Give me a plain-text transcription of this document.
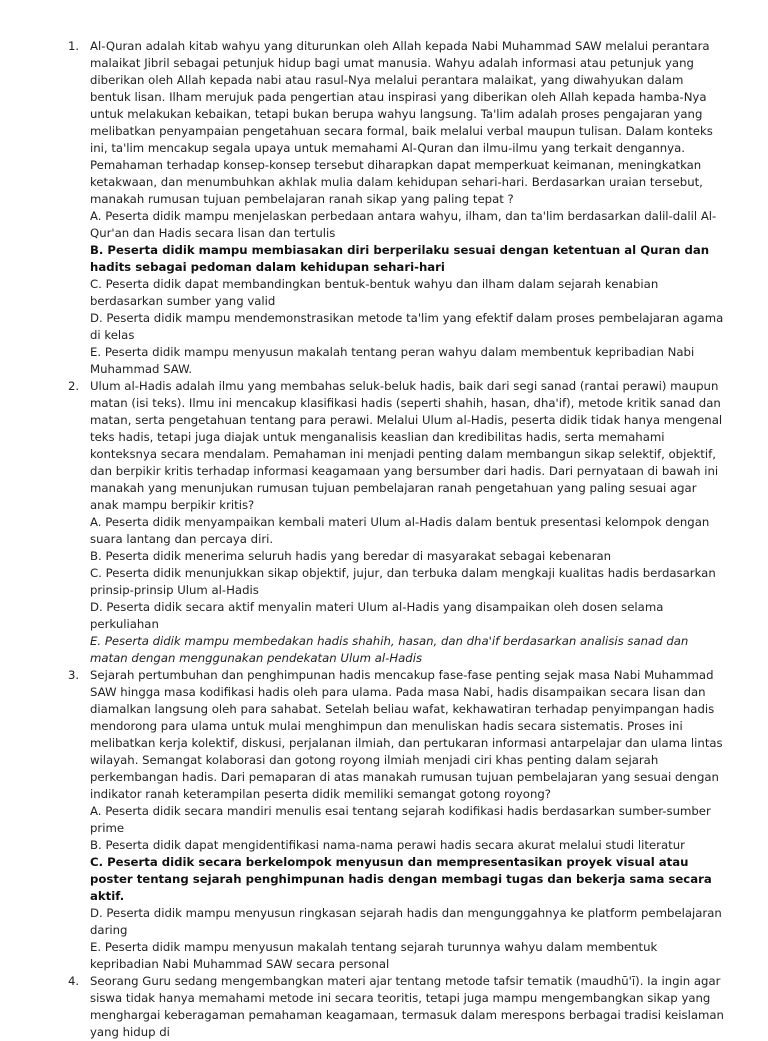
1. Al-Quran adalah kitab wahyu yang diturunkan oleh Allah kepada Nabi Muhammad SAW melalui perantara malaikat Jibril sebagai petunjuk hidup bagi umat manusia. Wahyu adalah informasi atau petunjuk yang diberikan oleh Allah kepada nabi atau rasul-Nya melalui perantara malaikat, yang diwahyukan dalam bentuk lisan. Ilham merujuk pada pengertian atau inspirasi yang diberikan oleh Allah kepada hamba-Nya untuk melakukan kebaikan, tetapi bukan berupa wahyu langsung. Ta'lim adalah proses pengajaran yang melibatkan penyampaian pengetahuan secara formal, baik melalui verbal maupun tulisan. Dalam konteks ini, ta'lim mencakup segala upaya untuk memahami Al-Quran dan ilmu-ilmu yang terkait dengannya. Pemahaman terhadap konsep-konsep tersebut diharapkan dapat memperkuat keimanan, meningkatkan ketakwaan, dan menumbuhkan akhlak mulia dalam kehidupan sehari-hari. Berdasarkan uraian tersebut, manakah rumusan tujuan pembelajaran ranah sikap yang paling tepat ?
A. Peserta didik mampu menjelaskan perbedaan antara wahyu, ilham, dan ta'lim berdasarkan dalil-dalil Al-Qur'an dan Hadis secara lisan dan tertulis
B. Peserta didik mampu membiasakan diri berperilaku sesuai dengan ketentuan al Quran dan hadits sebagai pedoman dalam kehidupan sehari-hari
C. Peserta didik dapat membandingkan bentuk-bentuk wahyu dan ilham dalam sejarah kenabian berdasarkan sumber yang valid
D. Peserta didik mampu mendemonstrasikan metode ta'lim yang efektif dalam proses pembelajaran agama di kelas
E. Peserta didik mampu menyusun makalah tentang peran wahyu dalam membentuk kepribadian Nabi Muhammad SAW.
2. Ulum al-Hadis adalah ilmu yang membahas seluk-beluk hadis, baik dari segi sanad (rantai perawi) maupun matan (isi teks). Ilmu ini mencakup klasifikasi hadis (seperti shahih, hasan, dha'if), metode kritik sanad dan matan, serta pengetahuan tentang para perawi. Melalui Ulum al-Hadis, peserta didik tidak hanya mengenal teks hadis, tetapi juga diajak untuk menganalisis keaslian dan kredibilitas hadis, serta memahami konteksnya secara mendalam. Pemahaman ini menjadi penting dalam membangun sikap selektif, objektif, dan berpikir kritis terhadap informasi keagamaan yang bersumber dari hadis. Dari pernyataan di bawah ini manakah yang menunjukan rumusan tujuan pembelajaran ranah pengetahuan yang paling sesuai agar anak mampu berpikir kritis?
A. Peserta didik menyampaikan kembali materi Ulum al-Hadis dalam bentuk presentasi kelompok dengan suara lantang dan percaya diri.
B. Peserta didik menerima seluruh hadis yang beredar di masyarakat sebagai kebenaran
C. Peserta didik menunjukkan sikap objektif, jujur, dan terbuka dalam mengkaji kualitas hadis berdasarkan prinsip-prinsip Ulum al-Hadis
D. Peserta didik secara aktif menyalin materi Ulum al-Hadis yang disampaikan oleh dosen selama perkuliahan
E. Peserta didik mampu membedakan hadis shahih, hasan, dan dha'if berdasarkan analisis sanad dan matan dengan menggunakan pendekatan Ulum al-Hadis
3. Sejarah pertumbuhan dan penghimpunan hadis mencakup fase-fase penting sejak masa Nabi Muhammad SAW hingga masa kodifikasi hadis oleh para ulama. Pada masa Nabi, hadis disampaikan secara lisan dan diamalkan langsung oleh para sahabat. Setelah beliau wafat, kekhawatiran terhadap penyimpangan hadis mendorong para ulama untuk mulai menghimpun dan menuliskan hadis secara sistematis. Proses ini melibatkan kerja kolektif, diskusi, perjalanan ilmiah, dan pertukaran informasi antarpelajar dan ulama lintas wilayah. Semangat kolaborasi dan gotong royong ilmiah menjadi ciri khas penting dalam sejarah perkembangan hadis. Dari pemaparan di atas manakah rumusan tujuan pembelajaran yang sesuai dengan indikator ranah keterampilan peserta didik memiliki semangat gotong royong?
A. Peserta didik secara mandiri menulis esai tentang sejarah kodifikasi hadis berdasarkan sumber-sumber prime
B. Peserta didik dapat mengidentifikasi nama-nama perawi hadis secara akurat melalui studi literatur
C. Peserta didik secara berkelompok menyusun dan mempresentasikan proyek visual atau poster tentang sejarah penghimpunan hadis dengan membagi tugas dan bekerja sama secara aktif.
D. Peserta didik mampu menyusun ringkasan sejarah hadis dan mengunggahnya ke platform pembelajaran daring
E. Peserta didik mampu menyusun makalah tentang sejarah turunnya wahyu dalam membentuk kepribadian Nabi Muhammad SAW secara personal
4. Seorang Guru sedang mengembangkan materi ajar tentang metode tafsir tematik (maudhū'ī). Ia ingin agar siswa tidak hanya memahami metode ini secara teoritis, tetapi juga mampu mengembangkan sikap yang menghargai keberagaman pemahaman keagamaan, termasuk dalam merespons berbagai tradisi keislaman yang hidup di
